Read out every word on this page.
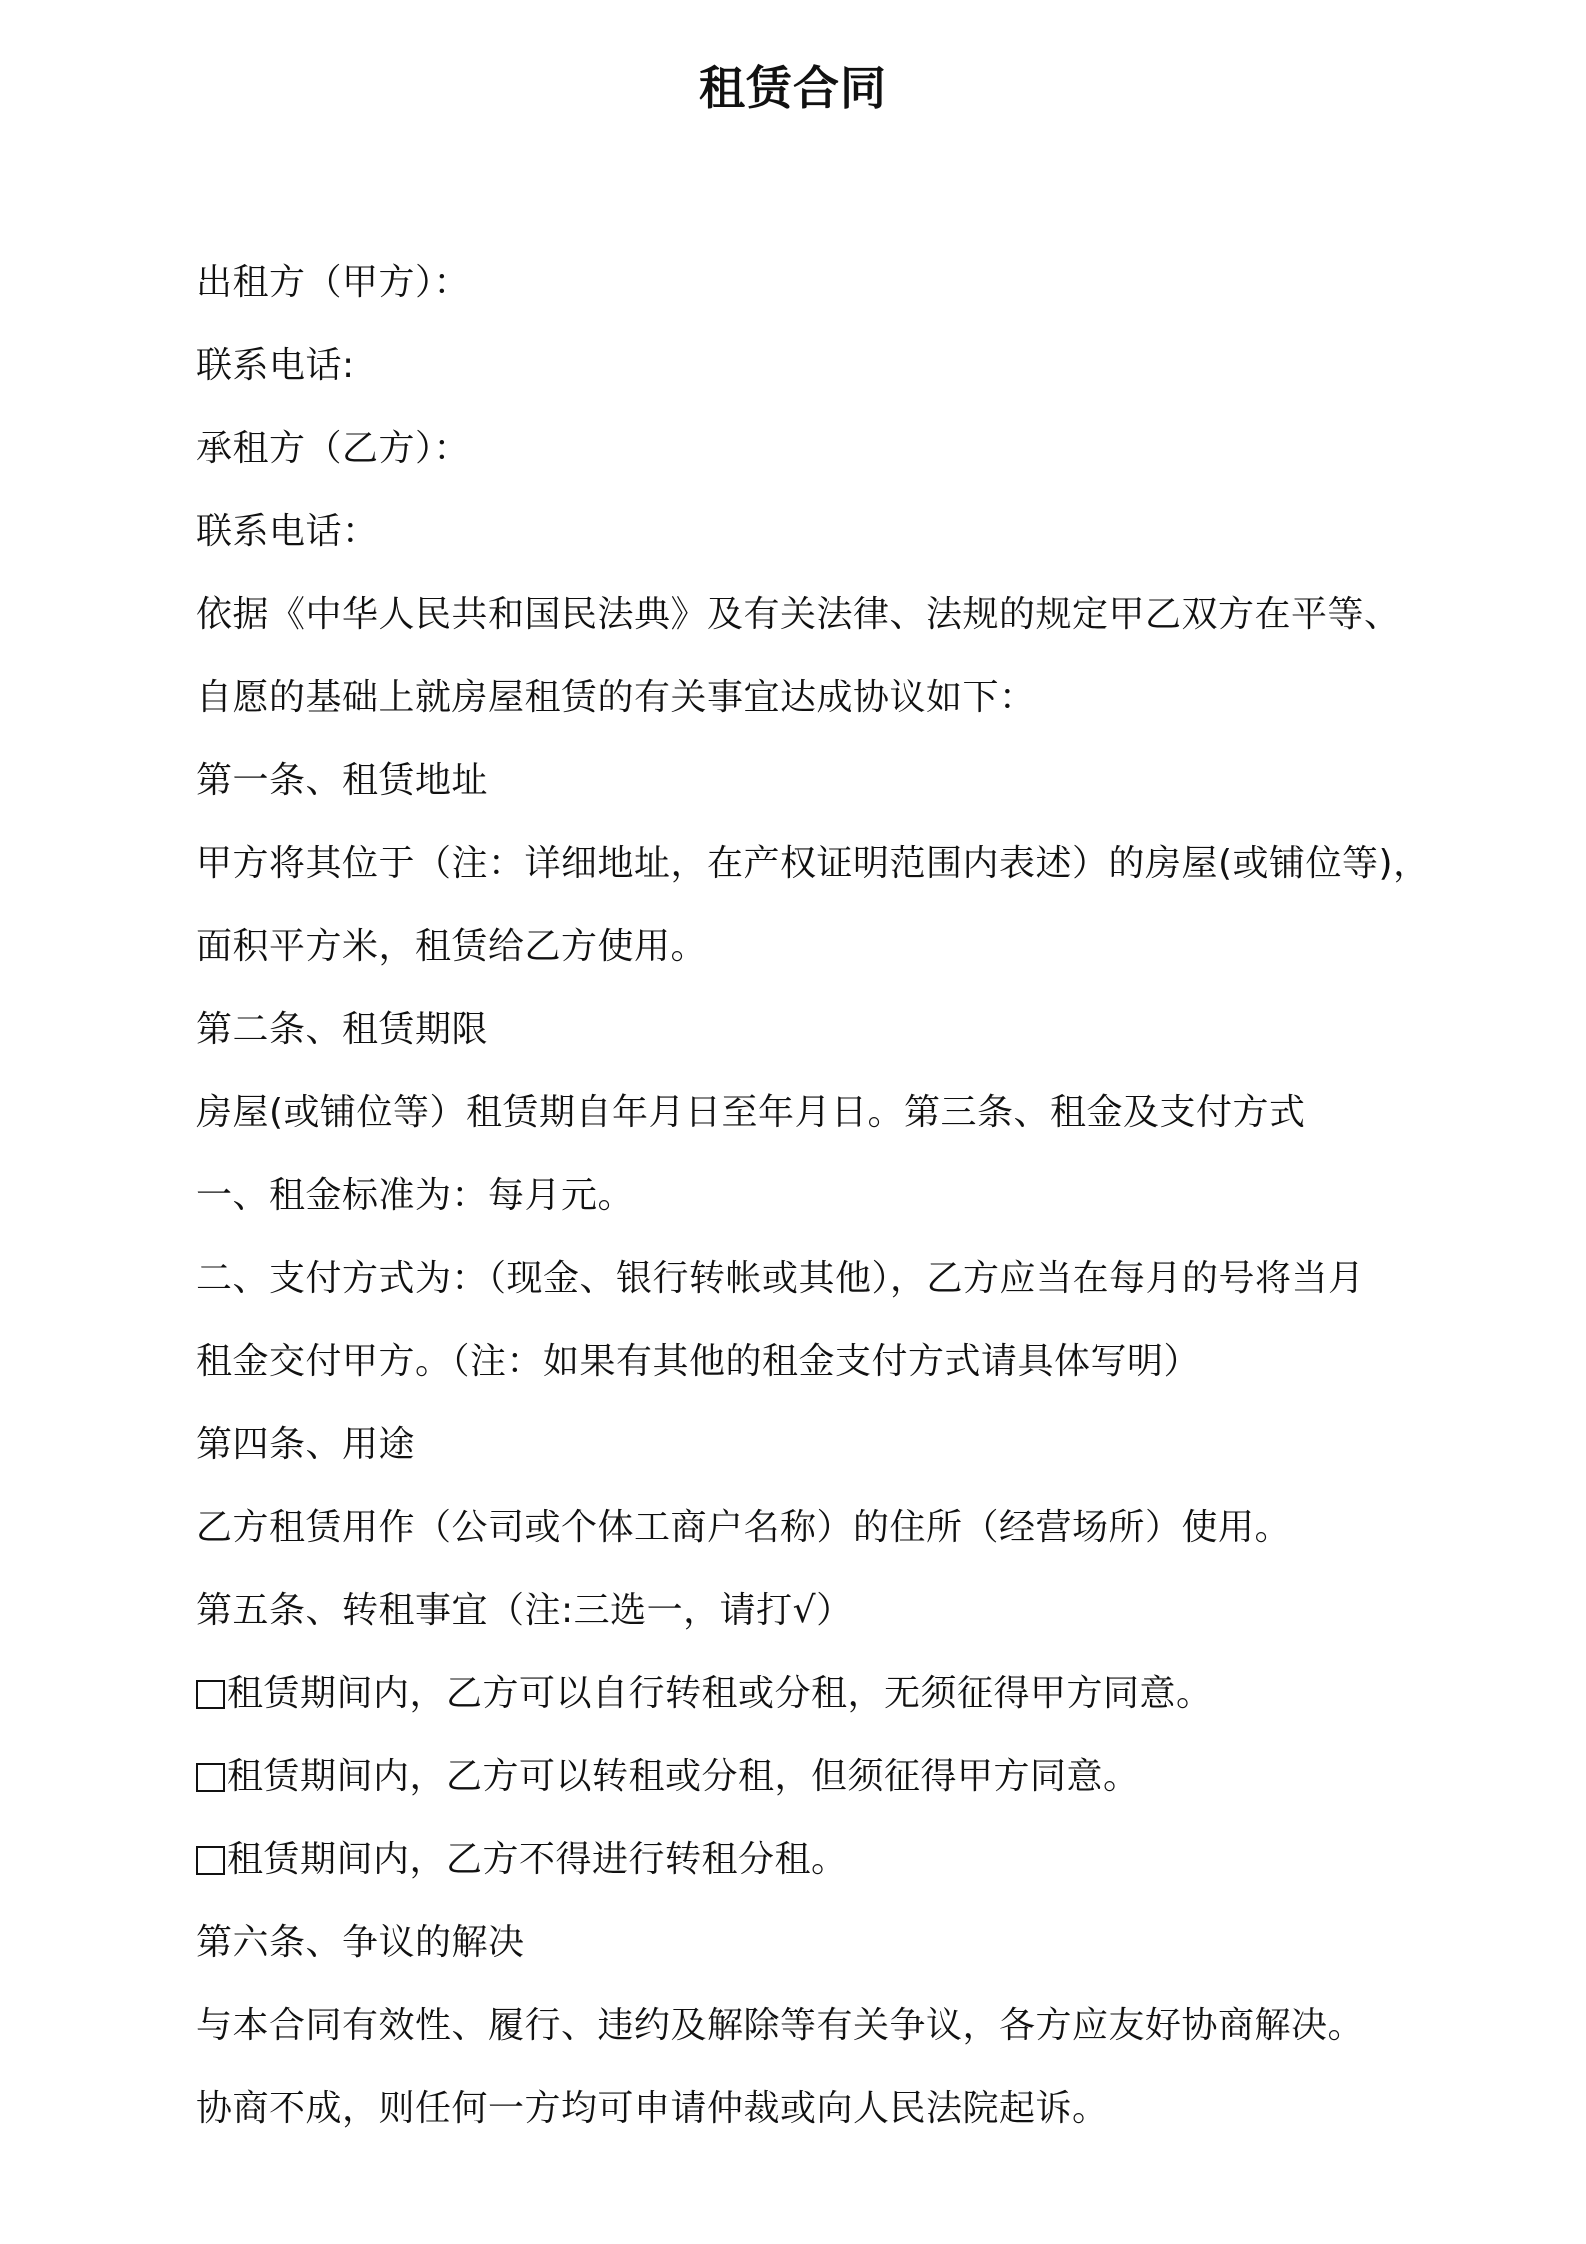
租赁合同
出租方（甲方）：
联系电话:
承租方（乙方）：
联系电话：
依据《中华人民共和国民法典》及有关法律、法规的规定甲乙双方在平等、
自愿的基础上就房屋租赁的有关事宜达成协议如下：
第一条、租赁地址
甲方将其位于（注：详细地址，在产权证明范围内表述）的房屋(或铺位等)，
面积平方米，租赁给乙方使用。
第二条、租赁期限
房屋(或铺位等）租赁期自年月日至年月日。第三条、租金及支付方式
一、租金标准为：每月元。
二、支付方式为：（现金、银行转帐或其他），乙方应当在每月的号将当月
租金交付甲方。（注：如果有其他的租金支付方式请具体写明）
第四条、用途
乙方租赁用作（公司或个体工商户名称）的住所（经营场所）使用。
第五条、转租事宜（注:三选一，请打√）
租赁期间内，乙方可以自行转租或分租，无须征得甲方同意。
租赁期间内，乙方可以转租或分租，但须征得甲方同意。
租赁期间内，乙方不得进行转租分租。
第六条、争议的解决
与本合同有效性、履行、违约及解除等有关争议，各方应友好协商解决。
协商不成，则任何一方均可申请仲裁或向人民法院起诉。
